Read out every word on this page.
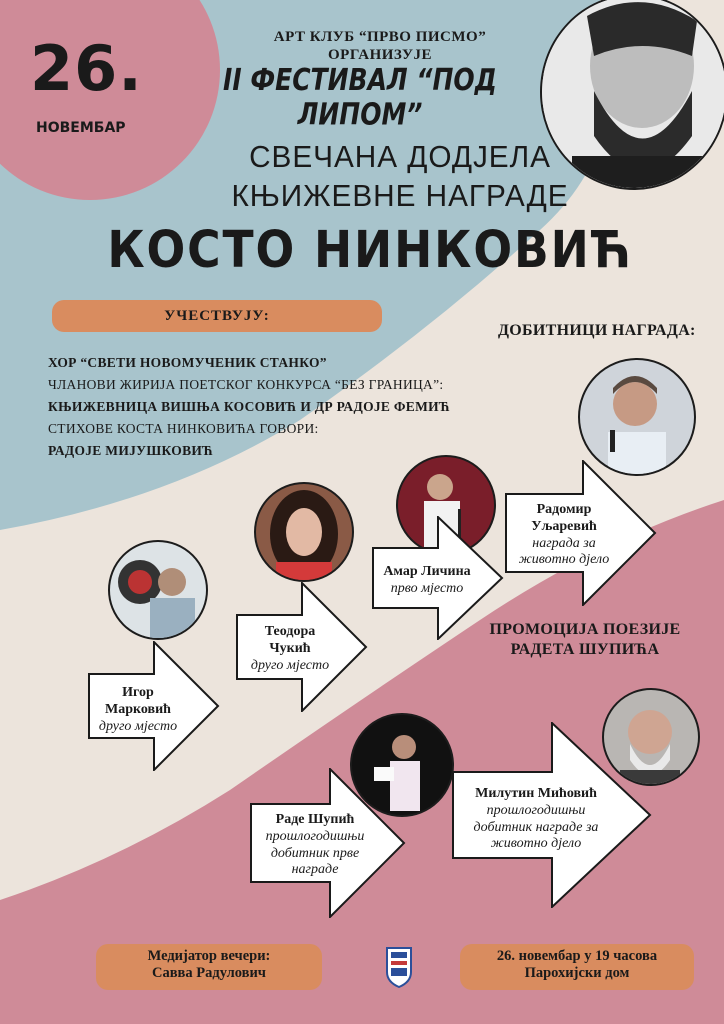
26.
НОВЕМБАР
АРТ КЛУБ “ПРВО ПИСМО”
ОРГАНИЗУЈЕ
II ФЕСТИВАЛ “ПОД ЛИПОМ”
СВЕЧАНА ДОДЈЕЛА
КЊИЖЕВНЕ НАГРАДЕ
КОСТО НИНКОВИЋ
УЧЕСТВУЈУ:
ДОБИТНИЦИ НАГРАДА:
ХОР “СВЕТИ НОВОМУЧЕНИК СТАНКО”
ЧЛАНОВИ ЖИРИЈА ПОЕТСКОГ КОНКУРСА “БЕЗ ГРАНИЦА”:
КЊИЖЕВНИЦА ВИШЊА КОСОВИЋ И ДР РАДОЈЕ ФЕМИЋ
СТИХОВЕ КОСТА НИНКОВИЋА ГОВОРИ:
РАДОЈЕ МИЈУШКОВИЋ
Игор
Марковић
друго мјесто
Теодора
Чукић
друго мјесто
Амар Личина
прво мјесто
Радомир
Уљаревић
награда за
животно дјело
ПРОМОЦИЈА ПОЕЗИЈЕ
РАДЕТА ШУПИЋА
Раде Шупић
прошлогодишњи
добитник прве
награде
Милутин Мићовић
прошлогодишњи
добитник награде за
животно дјело
Медијатор вечери:
Савва Радулович
26. новембар у 19 часова
Парохијски дом
